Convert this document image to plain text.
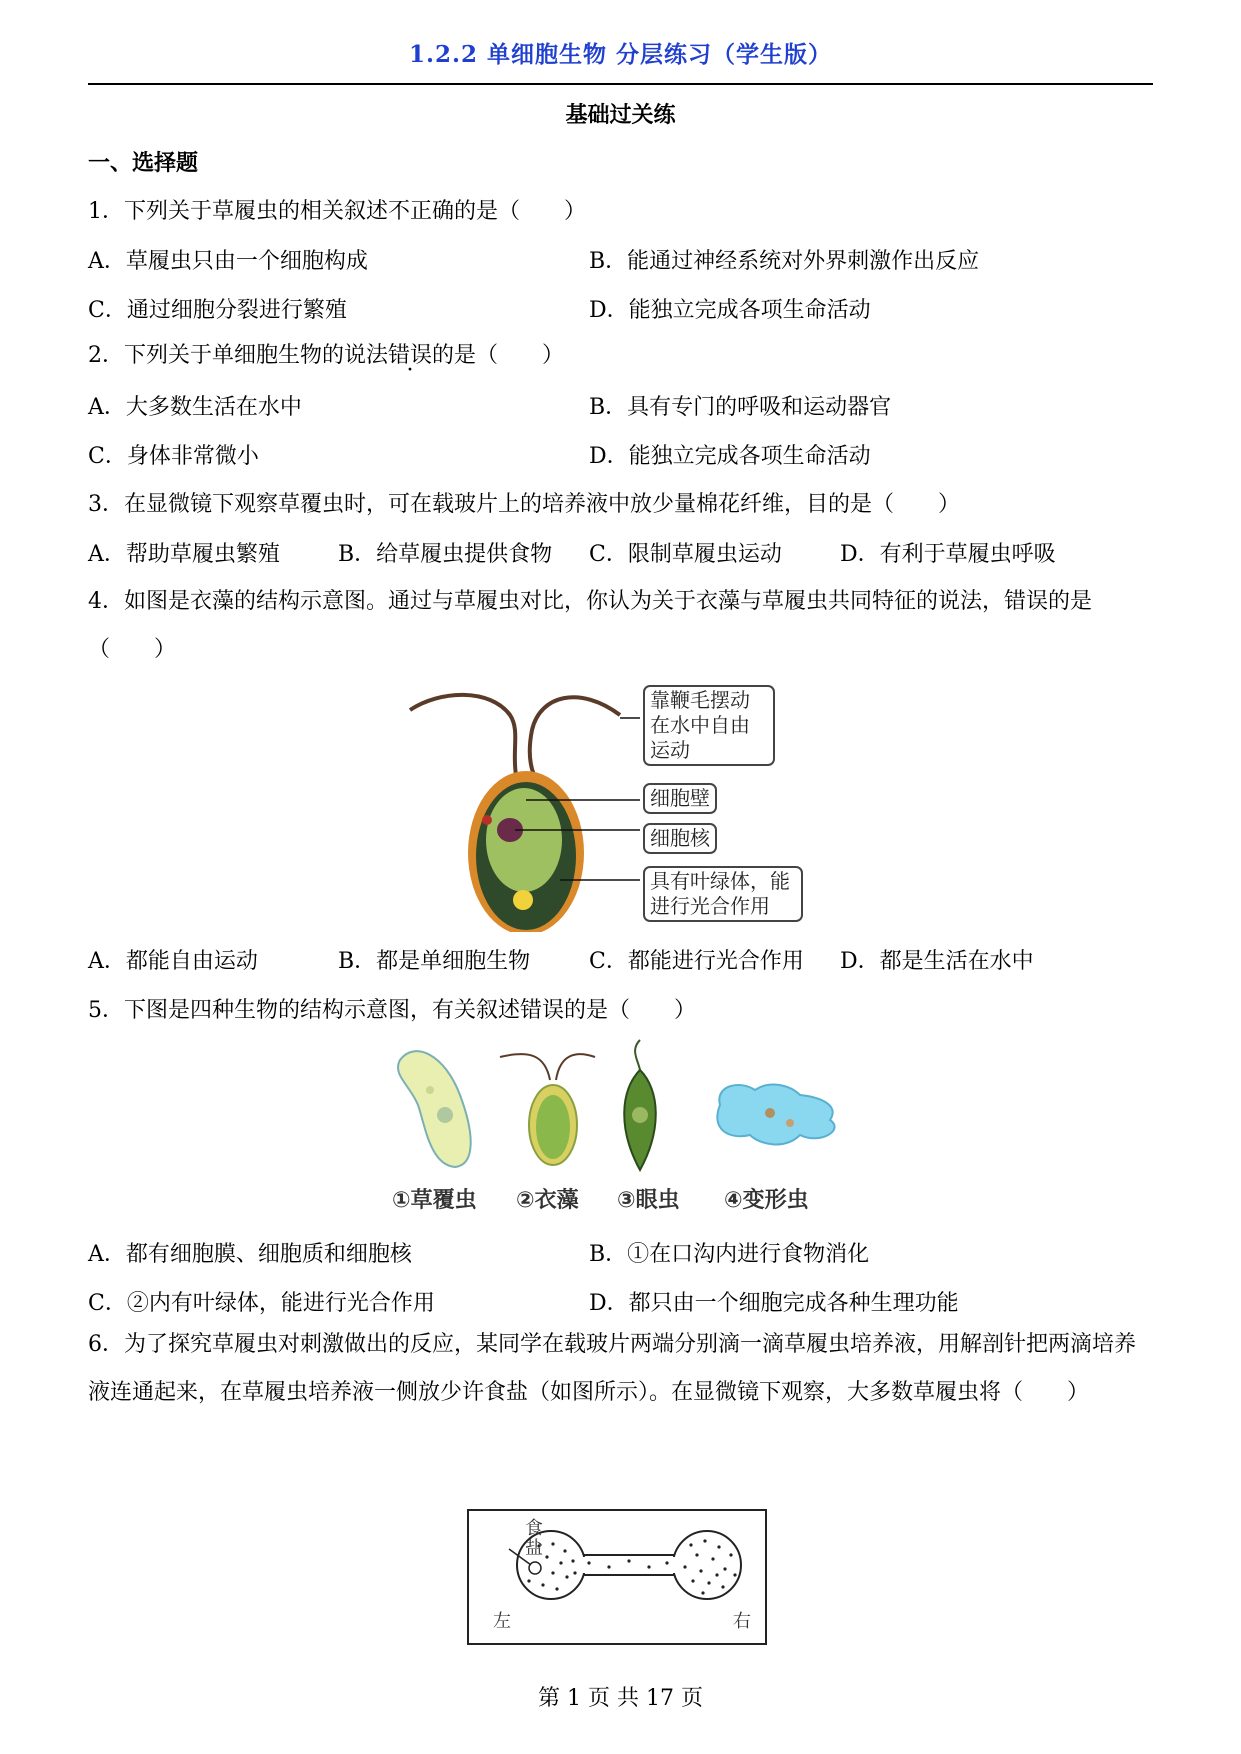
1.2.2 单细胞生物 分层练习（学生版）
基础过关练
一、选择题
1．下列关于草履虫的相关叙述不正确的是（　　）
A．草履虫只由一个细胞构成	B．能通过神经系统对外界刺激作出反应
C．通过细胞分裂进行繁殖	D．能独立完成各项生命活动
2．下列关于单细胞生物的说法错误的是（　　）
A．大多数生活在水中	B．具有专门的呼吸和运动器官
C．身体非常微小	D．能独立完成各项生命活动
3．在显微镜下观察草覆虫时，可在载玻片上的培养液中放少量棉花纤维，目的是（　　）
A．帮助草履虫繁殖	B．给草履虫提供食物 C．限制草履虫运动	D．有利于草履虫呼吸
4．如图是衣藻的结构示意图。通过与草履虫对比，你认为关于衣藻与草履虫共同特征的说法，错误的是（　　）
靠鞭毛摆动在水中自由运动
细胞壁
细胞核
具有叶绿体，能进行光合作用
A．都能自由运动	B．都是单细胞生物	C．都能进行光合作用 D．都是生活在水中
5．下图是四种生物的结构示意图，有关叙述错误的是（　　）
①草覆虫 ②衣藻 ③眼虫 ④变形虫
A．都有细胞膜、细胞质和细胞核	B．①在口沟内进行食物消化
C．②内有叶绿体，能进行光合作用	D．都只由一个细胞完成各种生理功能
6．为了探究草履虫对刺激做出的反应，某同学在载玻片两端分别滴一滴草履虫培养液，用解剖针把两滴培养液连通起来，在草履虫培养液一侧放少许食盐（如图所示）。在显微镜下观察，大多数草履虫将（　　）
食盐
左	右
第 1 页 共 17 页
